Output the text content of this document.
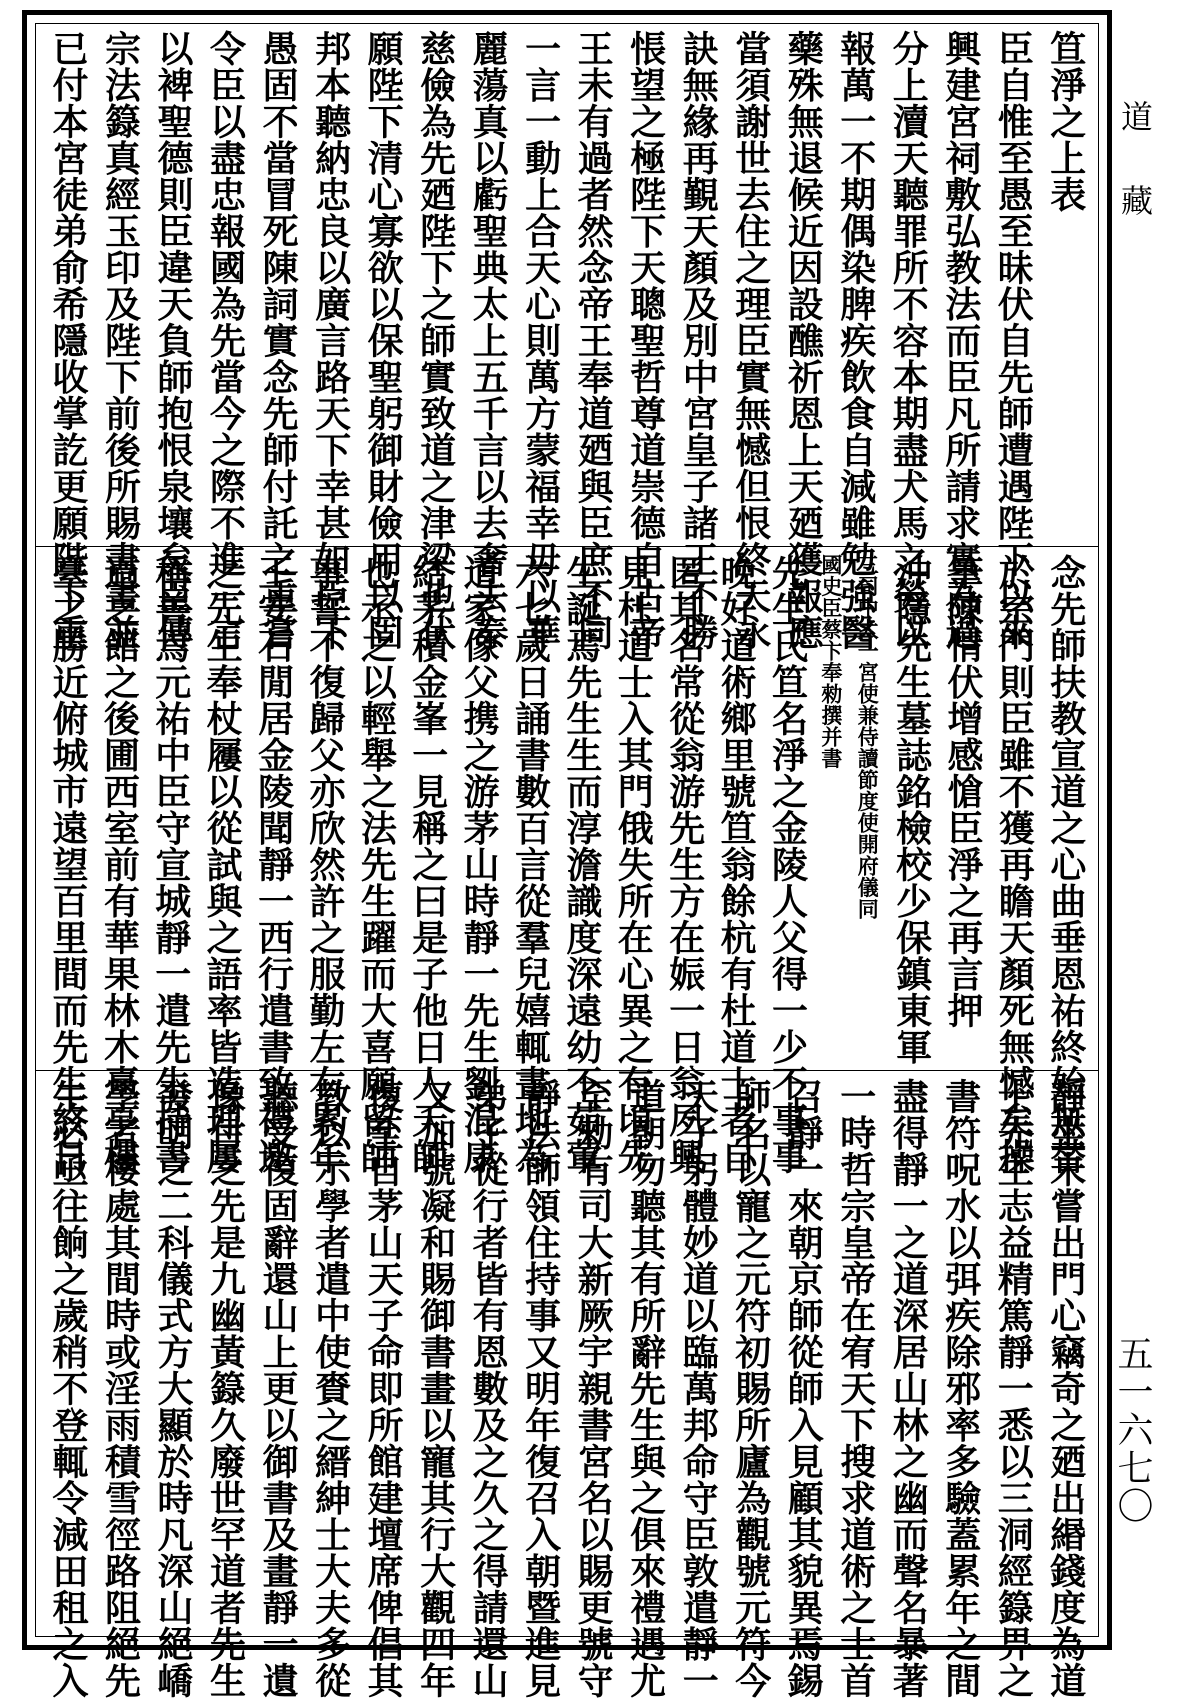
笪淨之上表
臣自惟至愚至昧伏自先師遭遇陛下以來
興建宮祠敷弘教法而臣凡所請求實為過
分上瀆天聽罪所不容本期盡犬馬之勞以
報萬一不期偶染脾疾飲食自減雖勉強醫
藥殊無退候近因設醮祈恩上天廼獲報應
當須謝世去住之理臣實無憾但恨終天永
訣無緣再覲天顏及別中宮皇子諸王不勝
悵望之極陛下天聰聖哲尊道崇德自古帝
王未有過者然念帝王奉道廼與臣庶不同
一言一動上合天心則萬方蒙福幸毋以華
麗蕩真以虧聖典太上五千言以去奢去泰
慈儉為先廼陛下之師實致道之津梁也伏
願陛下清心寡欲以保聖躬御財儉用以固
邦本聽納忠良以廣言路天下幸甚如臣下
愚固不當冒死陳詞實念先師付託之重嘗
令臣以盡忠報國為先當今之際不進一言
以裨聖德則臣違天負師抱恨泉壤矣臣傳
宗法籙真經玉印及陛下前後所賜書畫並
已付本宮徒弟俞希隱收掌訖更願陛下重
念先師扶教宣道之心曲垂恩祐終始無替
於宗門則臣雖不獲再瞻天顏死無憾矣操
筆陳情伏增感愴臣淨之再言押
沖隱先生墓誌銘檢校少保鎮東軍
三司中太一宮使兼侍讀節度使開府儀同
國史臣蔡卞奉勑撰并書
先生氏笪名淨之金陵人父得一少不事事
晚好道術鄉里號笪翁餘杭有杜道士者自
匿其名常從翁游先生方在娠一日翁夙興
見杜道士入其門俄失所在心異之有頃先
生誕焉先生生而淳澹識度深遠幼不茹葷
六七歲日誦書數百言從羣兒嬉輒畫地為
道家像父携之游茅山時靜一先生劉混康
結茅積金峯一見稱之曰是子他日人天師
也示之以輕舉之法先生躍而大喜願留師
事誓不復歸父亦欣然許之服勤左右累年
王安石閒居金陵聞靜一西行遣書致禮邀
之先生奉杖屨以從試與之語率皆造理屢
稱善焉元祐中臣守宣城靜一遣先生持書
過之館之後圃西室前有華果林木臺亭樓
臺之勝近俯城市遠望百里間而先生終日
靜坐未嘗出門心竊奇之廼出緡錢度為道
士先生志益精篤靜一悉以三洞經籙畀之
書符呪水以弭疾除邪率多驗蓋累年之間
盡得靜一之道深居山林之幽而聲名暴著
一時哲宗皇帝在宥天下搜求道術之士首
召靜一來朝京師從師入見顧其貌異焉錫
師名以寵之元符初賜所廬為觀號元符今
天子躬體妙道以臨萬邦命守臣敦遣靜一
道朝勿聽其有所辭先生與之俱來禮遇尤
至勑有司大新厥宇親書宮名以賜更號守
靜法師領住持事又明年復召入朝暨進見
弟子從行者皆有恩數及之久之得請還山
又加號凝和賜御書畫以寵其行大觀四年
復至自茅山天子命即所館建壇席俾倡其
教以示學者遣中使賚之縉紳士大夫多從
聽受復固辭還山上更以御書及畫靜一遺
像付之先是九幽黃籙久廢世罕道者先生
發明之二科儀式方大顯於時凡深山絕嶠
學者棲處其間時或淫雨積雪徑路阻絕先
生必亟往餉之歲稍不登輒令減田租之入
道藏
五一六七〇
